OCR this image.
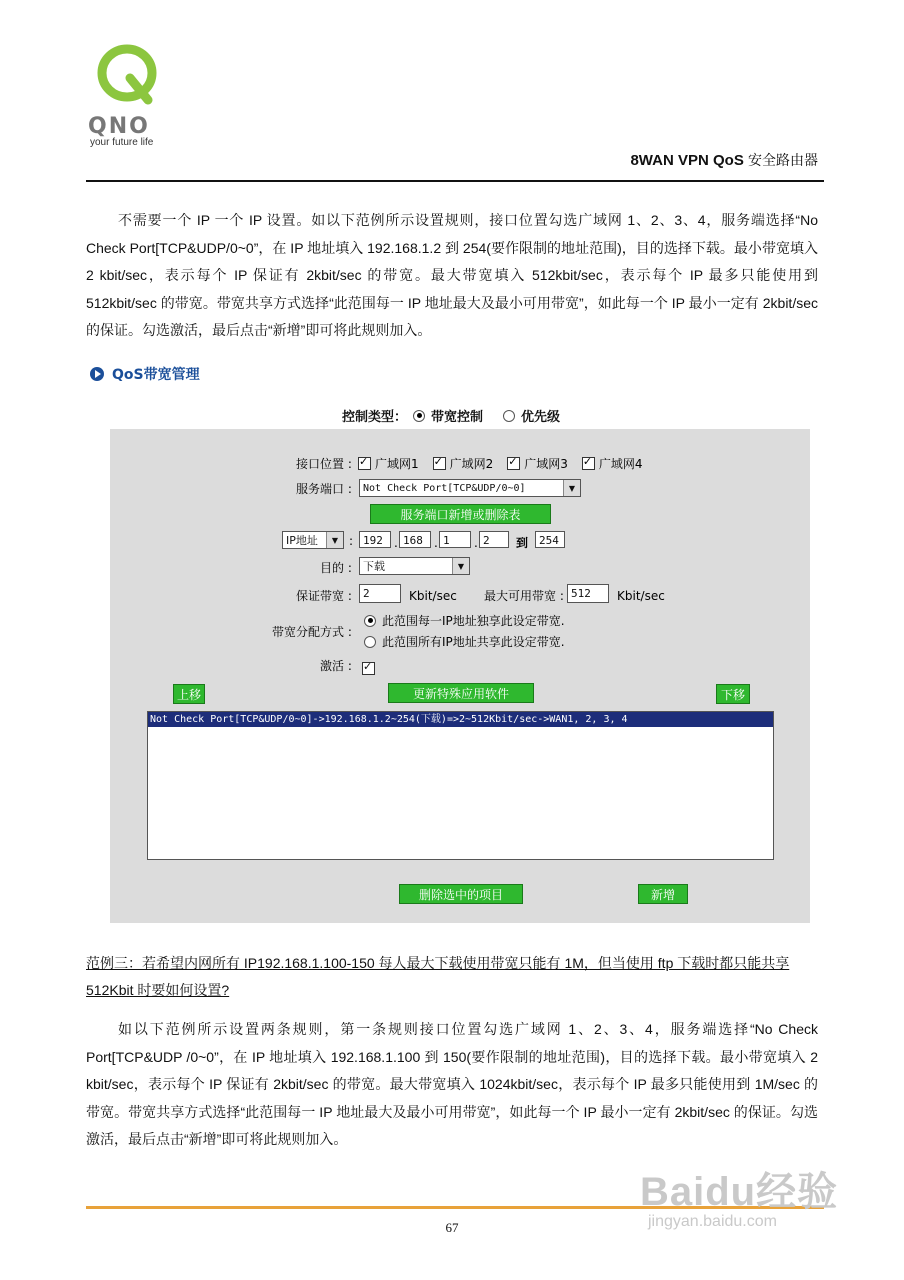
QNO
your future life
8WAN VPN QoS 安全路由器
不需要一个 IP 一个 IP 设置。如以下范例所示设置规则，接口位置勾选广域网 1、2、3、4，服务端选择“No Check Port[TCP&UDP/0~0”，在 IP 地址填入 192.168.1.2 到 254(要作限制的地址范围)，目的选择下载。最小带宽填入 2 kbit/sec，表示每个 IP 保证有 2kbit/sec 的带宽。最大带宽填入 512kbit/sec，表示每个 IP 最多只能使用到 512kbit/sec 的带宽。带宽共享方式选择“此范围每一 IP 地址最大及最小可用带宽”，如此每一个 IP 最小一定有 2kbit/sec 的保证。勾选激活，最后点击“新增”即可将此规则加入。
QoS带宽管理
控制类型： 带宽控制	优先级
接口位置 : ✓ 广域网1 ✓	广域网2 ✓	广域网3 ✓	广域网4
服务端口 :	Not Check Port[TCP&UDP/0~0]	▼
服务端口新增或删除表
IP地址	▼ : 192 . 168 . 1	. 2	到 254
目的 : 下载	▼
保证带宽 :	2	Kbit/sec 最大可用带宽 : 512	Kbit/sec
带宽分配方式 :
此范围每一IP地址独享此设定带宽.
此范围所有IP地址共享此设定带宽.
激活 :
✓
上移	更新特殊应用软件	下移
Not Check Port[TCP&UDP/0~0]->192.168.1.2~254(下载)=>2~512Kbit/sec->WAN1, 2, 3, 4
删除选中的项目	新增
范例三：若希望内网所有 IP192.168.1.100-150 每人最大下载使用带宽只能有 1M，但当使用 ftp 下载时都只能共享 512Kbit 时要如何设置?
如以下范例所示设置两条规则，第一条规则接口位置勾选广域网 1、2、3、4，服务端选择“No Check Port[TCP&UDP /0~0”，在 IP 地址填入 192.168.1.100 到 150(要作限制的地址范围)，目的选择下载。最小带宽填入 2 kbit/sec，表示每个 IP 保证有 2kbit/sec 的带宽。最大带宽填入 1024kbit/sec，表示每个 IP 最多只能使用到 1M/sec 的带宽。带宽共享方式选择“此范围每一 IP 地址最大及最小可用带宽”，如此每一个 IP 最小一定有 2kbit/sec 的保证。勾选激活，最后点击“新增”即可将此规则加入。
67
Baidu经验
jingyan.baidu.com
